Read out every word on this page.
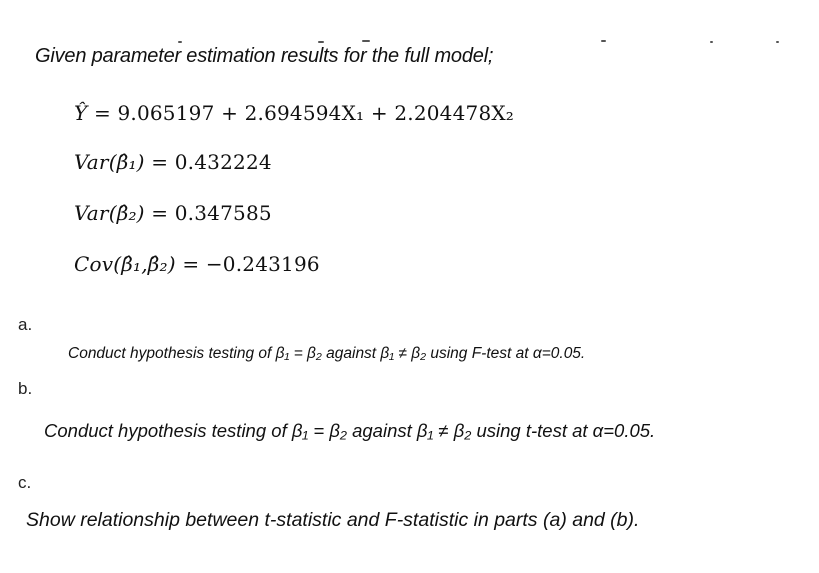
Given parameter estimation results for the full model;
Ŷ = 9.065197 + 2.694594X₁ + 2.204478X₂
Var(β̂₁) = 0.432224
Var(β̂₂) = 0.347585
Cov(β̂₁,β̂₂) = −0.243196
a.
Conduct hypothesis testing of β₁ = β₂ against β₁ ≠ β₂ using F-test at α=0.05.
b.
Conduct hypothesis testing of β₁ = β₂ against β₁ ≠ β₂ using t-test at α=0.05.
c.
Show relationship between t-statistic and F-statistic in parts (a) and (b).
